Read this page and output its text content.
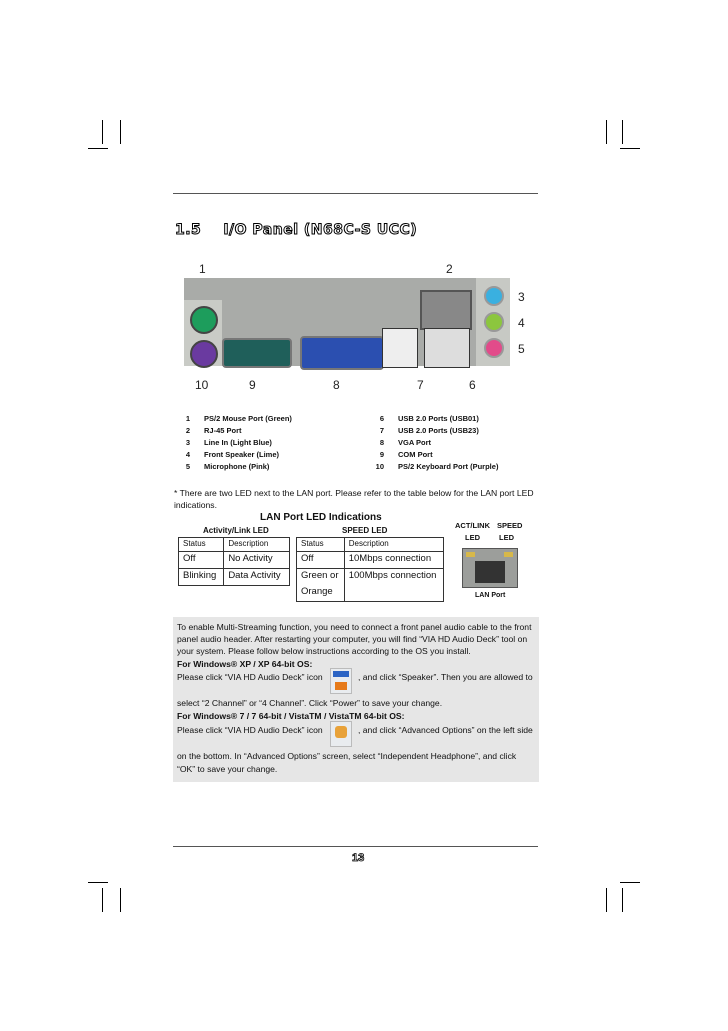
1.5 I/O Panel (N68C-S UCC)
1	2
3
4
5
6
7
8
9
10
1 PS/2 Mouse Port (Green)
2 RJ-45 Port
3 Line In (Light Blue)
4 Front Speaker (Lime)
5 Microphone (Pink)
6 USB 2.0 Ports (USB01)
7 USB 2.0 Ports (USB23)
8 VGA Port
9 COM Port
10 PS/2 Keyboard Port (Purple)
* There are two LED next to the LAN port. Please refer to the table below for the LAN port LED indications.
LAN Port LED Indications
Activity/Link LED	SPEED LED
Status	Description
Off	No Activity
Blinking	Data Activity
Status	Description
Off	10Mbps connection
Green or	100Mbps connection
Orange	
ACT/LINK SPEED
LED	LED
LAN Port
To enable Multi-Streaming function, you need to connect a front panel audio cable to the front
panel audio header. After restarting your computer, you will find “VIA HD Audio Deck” tool on
your system. Please follow below instructions according to the OS you install.
For Windows® XP / XP 64-bit OS:
Please click “VIA HD Audio Deck” icon	, and click “Speaker”. Then you are allowed to
select “2 Channel” or “4 Channel”. Click “Power” to save your change.
For Windows® 7 / 7 64-bit / VistaTM / VistaTM 64-bit OS:
Please click “VIA HD Audio Deck” icon	, and click “Advanced Options” on the left side
on the bottom. In “Advanced Options” screen, select “Independent Headphone”, and click
“OK” to save your change.
13
